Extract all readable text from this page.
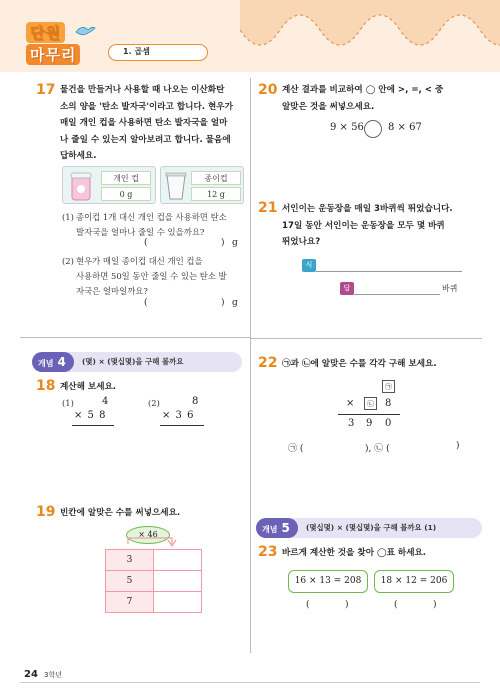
단원
마무리	1. 곱셈
17 물건을 만들거나 사용할 때 나오는 이산화탄
소의 양을 '탄소 발자국'이라고 합니다. 현우가
매일 개인 컵을 사용하면 탄소 발자국을 얼마
나 줄일 수 있는지 알아보려고 합니다. 물음에
답하세요.
개인 컵
0 g
종이컵
12 g
(1) 종이컵 1개 대신 개인 컵을 사용하면 탄소
발자국을 얼마나 줄일 수 있을까요?
(	) g
(2) 현우가 매일 종이컵 대신 개인 컵을
사용하면 50일 동안 줄일 수 있는 탄소 발
자국은 얼마일까요?
(	) g
개념 4	(몇) × (몇십몇)을 구해 볼까요
18 계산해 보세요.
(1)	4
× 5 8
(2)	8
× 3 6
19 빈칸에 알맞은 수를 써넣으세요.
× 46
3	
5	
7	
20 계산 결과를 비교하여 ◯ 안에 >, =, < 중
알맞은 것을 써넣으세요.
9 × 56 8 × 67
21 서인이는 운동장을 매일 3바퀴씩 뛰었습니다.
17일 동안 서인이는 운동장을 모두 몇 바퀴
뛰었나요?
식
답	바퀴
22 ㉠과 ㉡에 알맞은 수를 각각 구해 보세요.
㉠
×	㉡	8
3 9 0
㉠ (	), ㉡ (	)
개념 5	(몇십몇) × (몇십몇)을 구해 볼까요 (1)
23 바르게 계산한 것을 찾아 ◯표 하세요.
16 × 13 = 208	18 × 12 = 206
(	)	(	)
24 3학년
